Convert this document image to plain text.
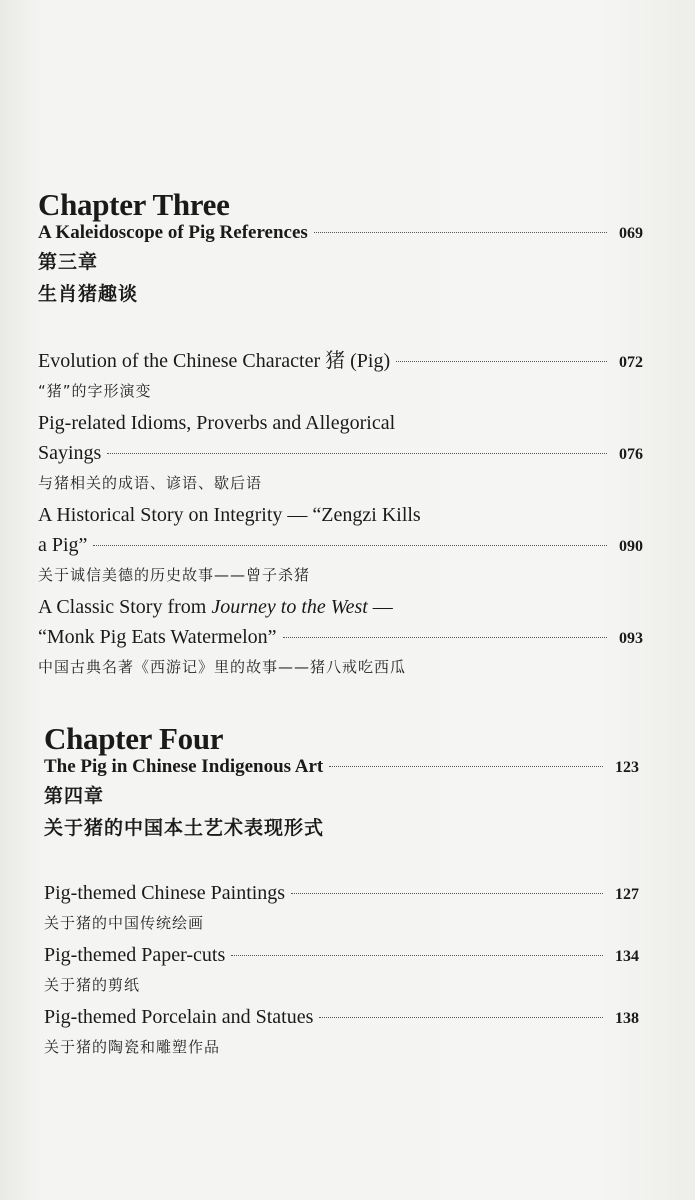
Chapter Three
A Kaleidoscope of Pig References	069
第三章
生肖猪趣谈
Evolution of the Chinese Character 猪 (Pig)	072
“猪”的字形演变
Pig-related Idioms, Proverbs and Allegorical
Sayings	076
与猪相关的成语、谚语、歇后语
A Historical Story on Integrity — “Zengzi Kills
a Pig”	090
关于诚信美德的历史故事——曾子杀猪
A Classic Story from Journey to the West —
“Monk Pig Eats Watermelon”	093
中国古典名著《西游记》里的故事——猪八戒吃西瓜
Chapter Four
The Pig in Chinese Indigenous Art	123
第四章
关于猪的中国本土艺术表现形式
Pig-themed Chinese Paintings	127
关于猪的中国传统绘画
Pig-themed Paper-cuts	134
关于猪的剪纸
Pig-themed Porcelain and Statues	138
关于猪的陶瓷和雕塑作品
